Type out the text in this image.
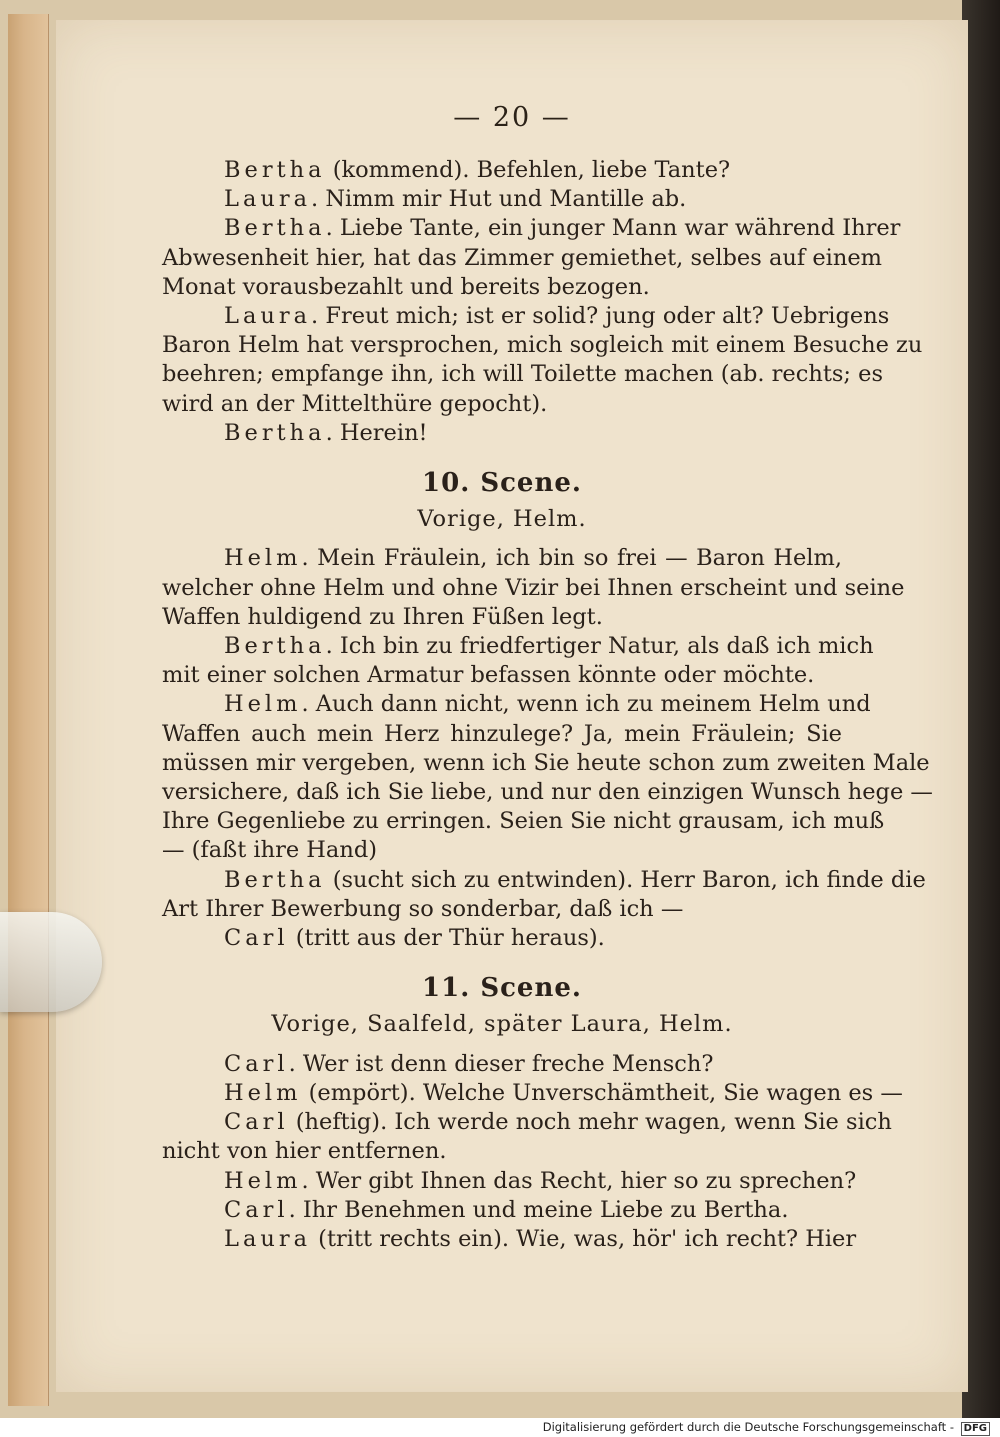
— 20 —
Bertha (kommend). Befehlen, liebe Tante?
Laura. Nimm mir Hut und Mantille ab.
Bertha. Liebe Tante, ein junger Mann war während Ihrer
Abwesenheit hier, hat das Zimmer gemiethet, selbes auf einem
Monat vorausbezahlt und bereits bezogen.
Laura. Freut mich; ist er solid? jung oder alt? Uebrigens
Baron Helm hat versprochen, mich sogleich mit einem Besuche zu
beehren; empfange ihn, ich will Toilette machen (ab. rechts; es
wird an der Mittelthüre gepocht).
Bertha. Herein!
10. Scene.
Vorige, Helm.
Helm. Mein Fräulein, ich bin so frei — Baron Helm,
welcher ohne Helm und ohne Vizir bei Ihnen erscheint und seine
Waffen huldigend zu Ihren Füßen legt.
Bertha. Ich bin zu friedfertiger Natur, als daß ich mich
mit einer solchen Armatur befassen könnte oder möchte.
Helm. Auch dann nicht, wenn ich zu meinem Helm und
Waffen auch mein Herz hinzulege? Ja, mein Fräulein; Sie
müssen mir vergeben, wenn ich Sie heute schon zum zweiten Male
versichere, daß ich Sie liebe, und nur den einzigen Wunsch hege —
Ihre Gegenliebe zu erringen. Seien Sie nicht grausam, ich muß
— (faßt ihre Hand)
Bertha (sucht sich zu entwinden). Herr Baron, ich finde die
Art Ihrer Bewerbung so sonderbar, daß ich —
Carl (tritt aus der Thür heraus).
11. Scene.
Vorige, Saalfeld, später Laura, Helm.
Carl. Wer ist denn dieser freche Mensch?
Helm (empört). Welche Unverschämtheit, Sie wagen es —
Carl (heftig). Ich werde noch mehr wagen, wenn Sie sich
nicht von hier entfernen.
Helm. Wer gibt Ihnen das Recht, hier so zu sprechen?
Carl. Ihr Benehmen und meine Liebe zu Bertha.
Laura (tritt rechts ein). Wie, was, hör' ich recht? Hier
Digitalisierung gefördert durch die Deutsche Forschungsgemeinschaft - DFG
